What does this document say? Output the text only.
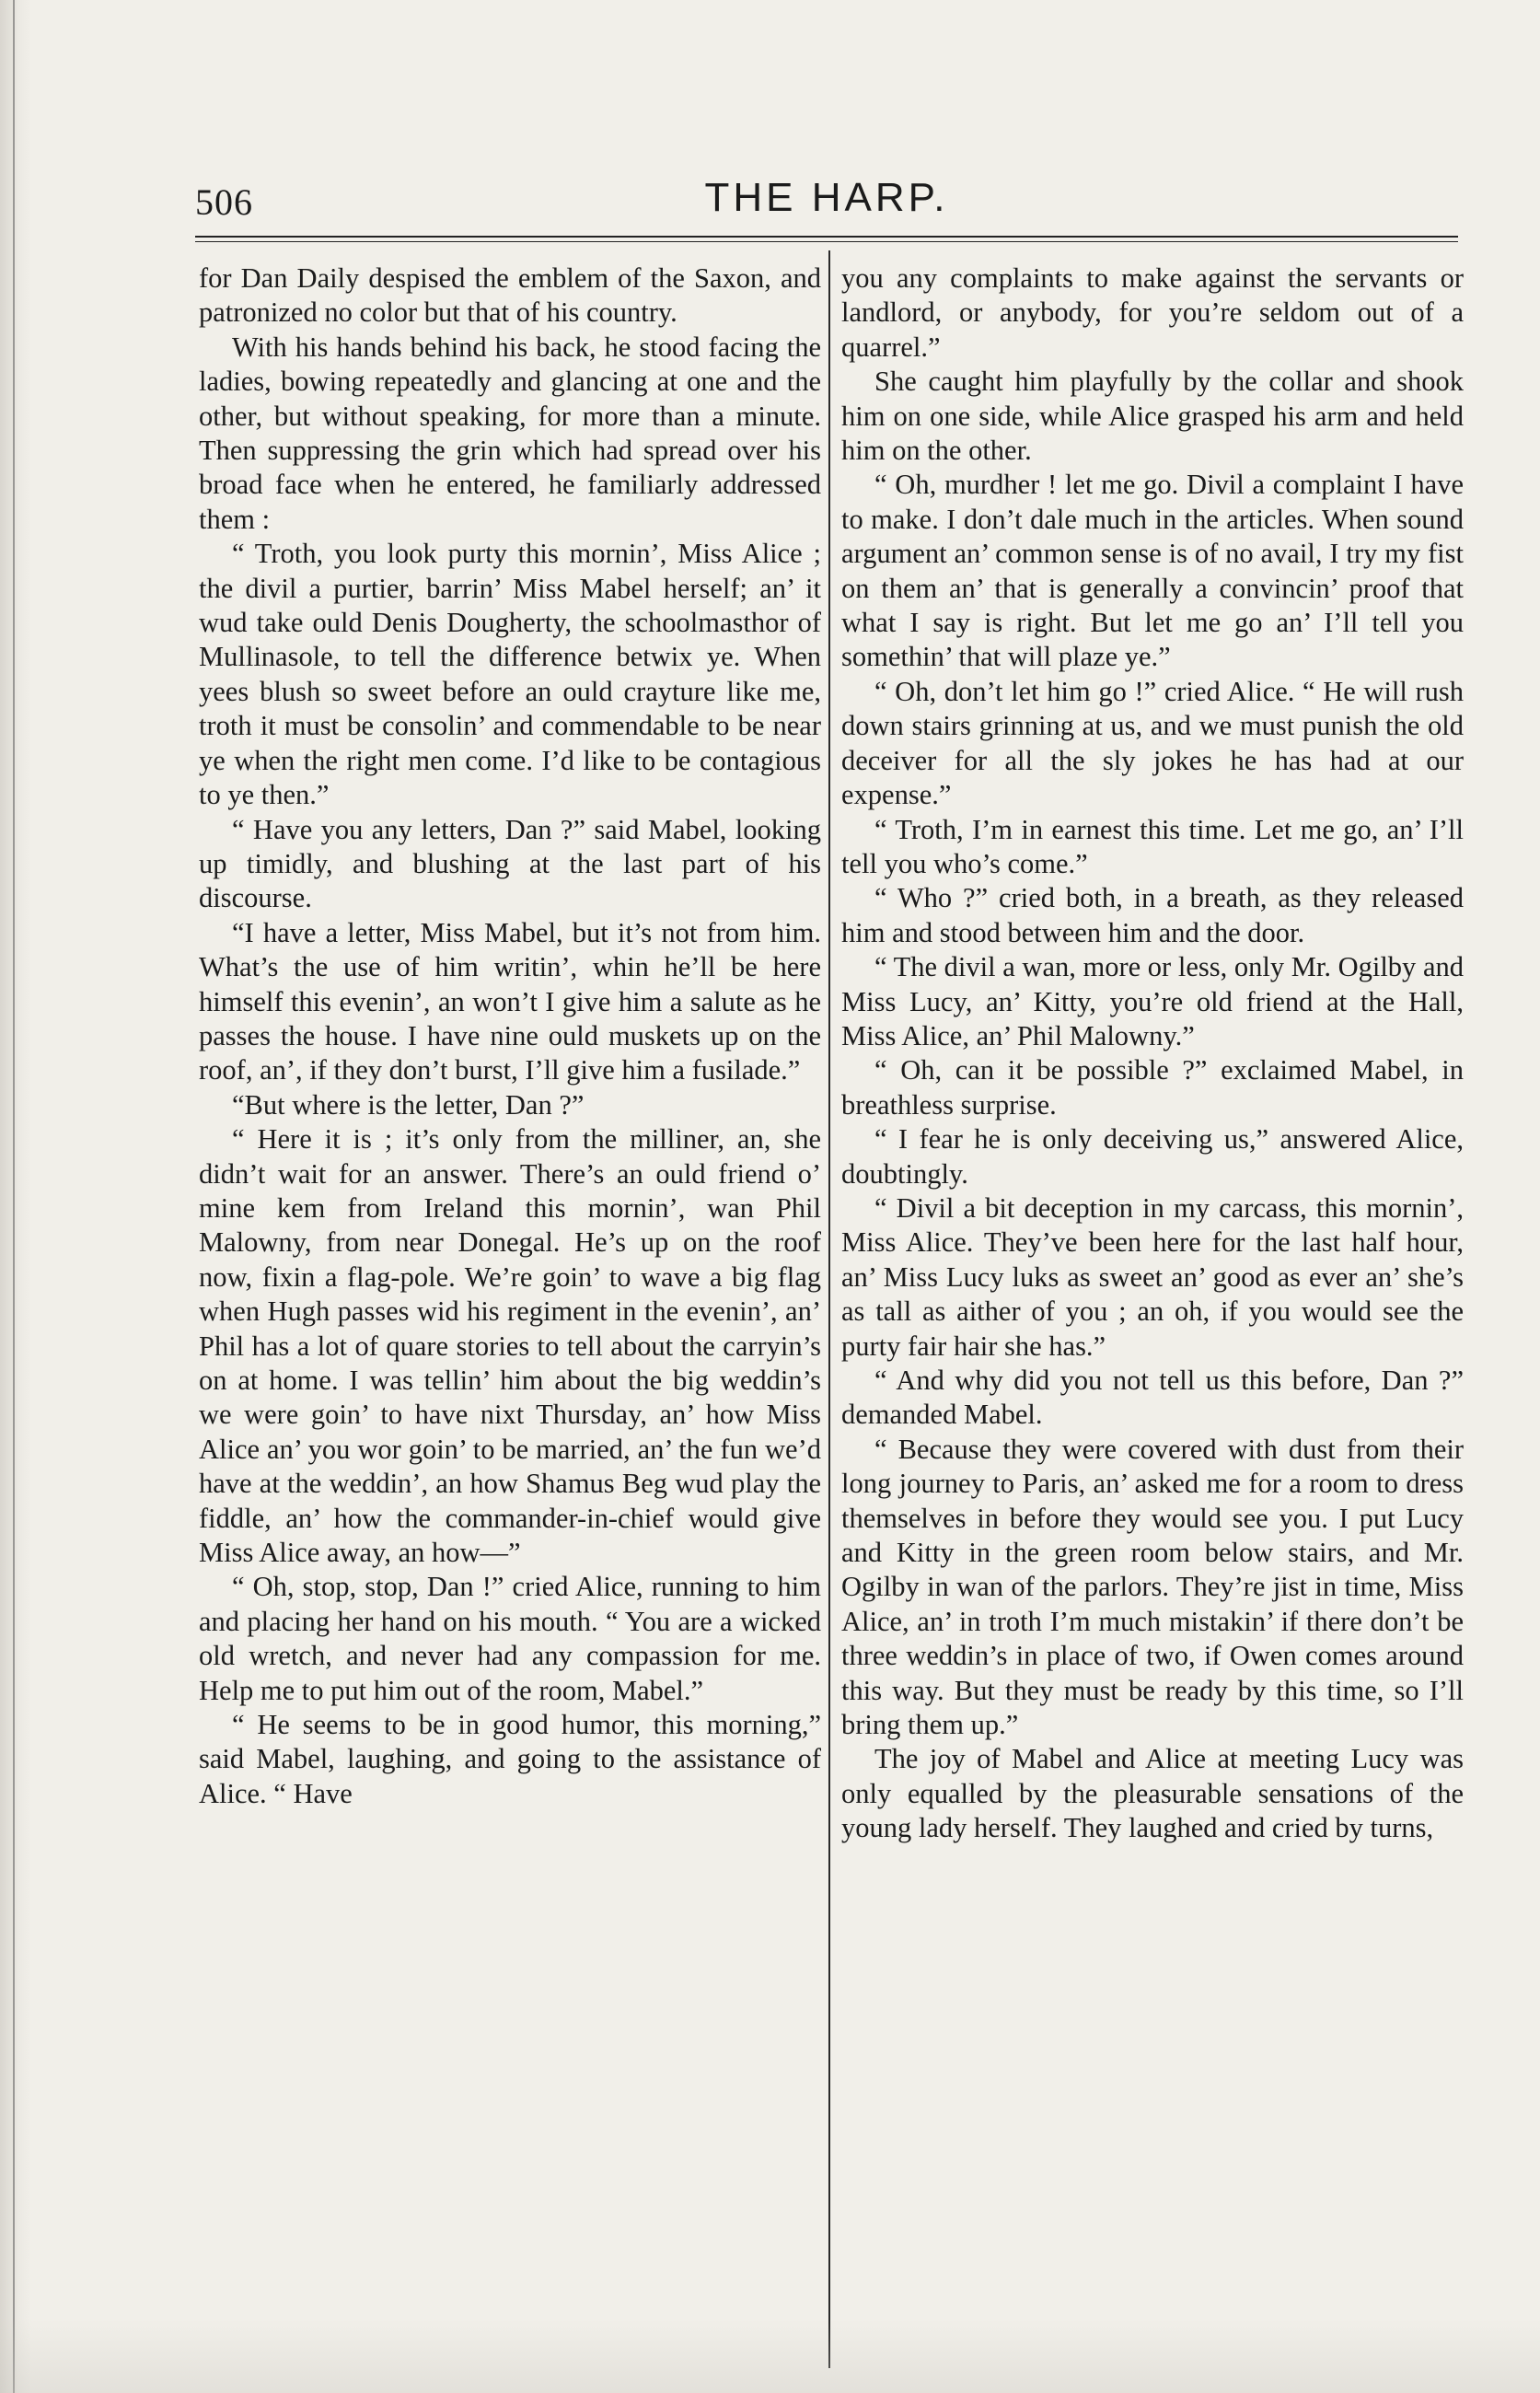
506	THE HARP.

for Dan Daily despised the emblem of the Saxon, and patronized no color but that of his country.

With his hands behind his back, he stood facing the ladies, bowing repeatedly and glancing at one and the other, but without speaking, for more than a minute. Then suppressing the grin which had spread over his broad face when he entered, he familiarly addressed them :

“ Troth, you look purty this mornin’, Miss Alice ; the divil a purtier, barrin’ Miss Mabel herself; an’ it wud take ould Denis Dougherty, the schoolmasthor of Mullinasole, to tell the difference betwix ye. When yees blush so sweet before an ould crayture like me, troth it must be consolin’ and commendable to be near ye when the right men come. I’d like to be contagious to ye then.”

“ Have you any letters, Dan ?” said Mabel, looking up timidly, and blushing at the last part of his discourse.

“I have a letter, Miss Mabel, but it’s not from him. What’s the use of him writin’, whin he’ll be here himself this evenin’, an won’t I give him a salute as he passes the house. I have nine ould muskets up on the roof, an’, if they don’t burst, I’ll give him a fusilade.”

“But where is the letter, Dan ?”

“ Here it is ; it’s only from the milliner, an, she didn’t wait for an answer. There’s an ould friend o’ mine kem from Ireland this mornin’, wan Phil Malowny, from near Donegal. He’s up on the roof now, fixin a flag-pole. We’re goin’ to wave a big flag when Hugh passes wid his regiment in the evenin’, an’ Phil has a lot of quare stories to tell about the carryin’s on at home. I was tellin’ him about the big weddin’s we were goin’ to have nixt Thursday, an’ how Miss Alice an’ you wor goin’ to be married, an’ the fun we’d have at the weddin’, an how Shamus Beg wud play the fiddle, an’ how the commander-in-chief would give Miss Alice away, an how—”

“ Oh, stop, stop, Dan !” cried Alice, running to him and placing her hand on his mouth. “ You are a wicked old wretch, and never had any compassion for me. Help me to put him out of the room, Mabel.”

“ He seems to be in good humor, this morning,” said Mabel, laughing, and going to the assistance of Alice. “ Have

you any complaints to make against the servants or landlord, or anybody, for you’re seldom out of a quarrel.”

She caught him playfully by the collar and shook him on one side, while Alice grasped his arm and held him on the other.

“ Oh, murdher ! let me go. Divil a complaint I have to make. I don’t dale much in the articles. When sound argument an’ common sense is of no avail, I try my fist on them an’ that is generally a convincin’ proof that what I say is right. But let me go an’ I’ll tell you somethin’ that will plaze ye.”

“ Oh, don’t let him go !” cried Alice. “ He will rush down stairs grinning at us, and we must punish the old deceiver for all the sly jokes he has had at our expense.”

“ Troth, I’m in earnest this time. Let me go, an’ I’ll tell you who’s come.”

“ Who ?” cried both, in a breath, as they released him and stood between him and the door.

“ The divil a wan, more or less, only Mr. Ogilby and Miss Lucy, an’ Kitty, you’re old friend at the Hall, Miss Alice, an’ Phil Malowny.”

“ Oh, can it be possible ?” exclaimed Mabel, in breathless surprise.

“ I fear he is only deceiving us,” answered Alice, doubtingly.

“ Divil a bit deception in my carcass, this mornin’, Miss Alice. They’ve been here for the last half hour, an’ Miss Lucy luks as sweet an’ good as ever an’ she’s as tall as aither of you ; an oh, if you would see the purty fair hair she has.”

“ And why did you not tell us this before, Dan ?” demanded Mabel.

“ Because they were covered with dust from their long journey to Paris, an’ asked me for a room to dress themselves in before they would see you. I put Lucy and Kitty in the green room below stairs, and Mr. Ogilby in wan of the parlors. They’re jist in time, Miss Alice, an’ in troth I’m much mistakin’ if there don’t be three weddin’s in place of two, if Owen comes around this way. But they must be ready by this time, so I’ll bring them up.”

The joy of Mabel and Alice at meeting Lucy was only equalled by the pleasurable sensations of the young lady herself. They laughed and cried by turns,
